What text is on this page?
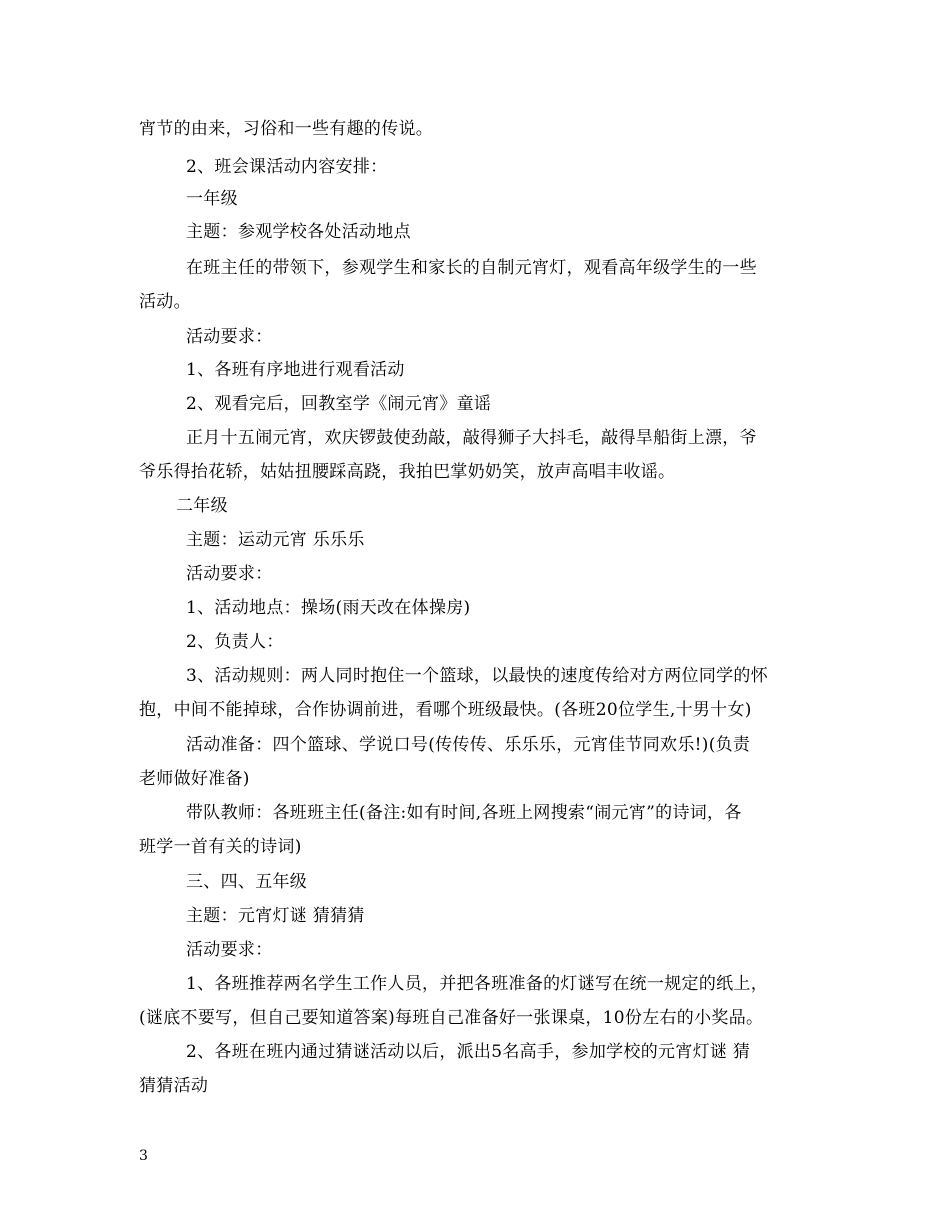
宵节的由来，习俗和一些有趣的传说。
2、班会课活动内容安排：
一年级
主题：参观学校各处活动地点
在班主任的带领下，参观学生和家长的自制元宵灯，观看高年级学生的一些
活动。
活动要求：
1、各班有序地进行观看活动
2、观看完后，回教室学《闹元宵》童谣
正月十五闹元宵，欢庆锣鼓使劲敲，敲得狮子大抖毛，敲得旱船街上漂，爷
爷乐得抬花轿，姑姑扭腰踩高跷，我拍巴掌奶奶笑，放声高唱丰收谣。
二年级
主题：运动元宵 乐乐乐
活动要求：
1、活动地点：操场(雨天改在体操房)
2、负责人：
3、活动规则：两人同时抱住一个篮球，以最快的速度传给对方两位同学的怀
抱，中间不能掉球，合作协调前进，看哪个班级最快。(各班20位学生,十男十女)
活动准备：四个篮球、学说口号(传传传、乐乐乐，元宵佳节同欢乐!)(负责
老师做好准备)
带队教师：各班班主任(备注:如有时间,各班上网搜索“闹元宵”的诗词，各
班学一首有关的诗词)
三、四、五年级
主题：元宵灯谜 猜猜猜
活动要求：
1、各班推荐两名学生工作人员，并把各班准备的灯谜写在统一规定的纸上，
(谜底不要写，但自己要知道答案)每班自己准备好一张课桌，10份左右的小奖品。
2、各班在班内通过猜谜活动以后，派出5名高手，参加学校的元宵灯谜 猜
猜猜活动
3
